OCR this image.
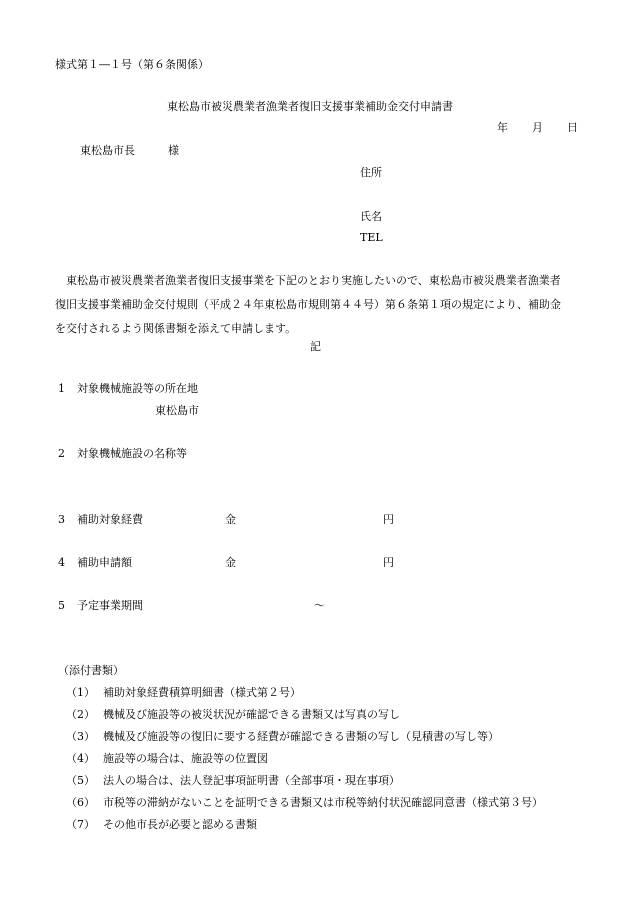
様式第１―１号（第６条関係）
東松島市被災農業者漁業者復旧支援事業補助金交付申請書
年 月 日
東松島市長	様
住所
氏名
TEL
　東松島市被災農業者漁業者復旧支援事業を下記のとおり実施したいので、東松島市被災農業者漁業者
復旧支援事業補助金交付規則（平成２４年東松島市規則第４４号）第６条第１項の規定により、補助金
を交付されるよう関係書類を添えて申請します。
記
1 対象機械施設等の所在地
東松島市
2 対象機械施設の名称等
3 補助対象経費	金	円
4 補助申請額	金	円
5 予定事業期間	～
（添付書類）
（1） 補助対象経費積算明細書（様式第２号）
（2） 機械及び施設等の被災状況が確認できる書類又は写真の写し
（3） 機械及び施設等の復旧に要する経費が確認できる書類の写し（見積書の写し等）
（4） 施設等の場合は、施設等の位置図
（5） 法人の場合は、法人登記事項証明書（全部事項・現在事項）
（6） 市税等の滞納がないことを証明できる書類又は市税等納付状況確認同意書（様式第３号）
（7） その他市長が必要と認める書類
